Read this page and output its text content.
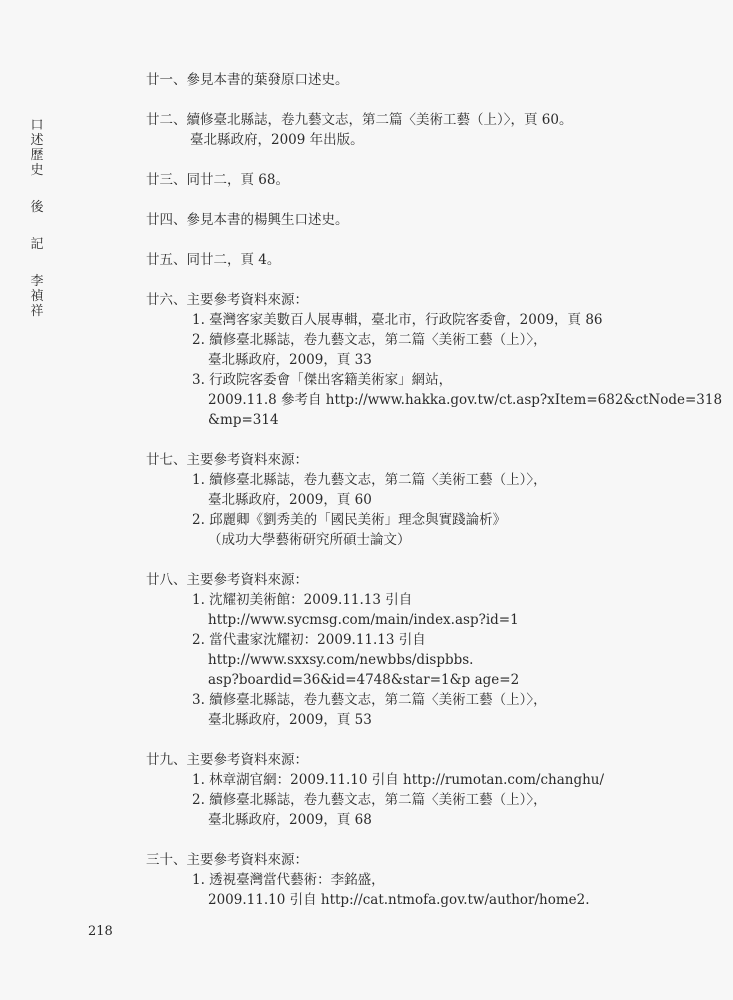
口
述
歷
史
後
記
李
禎
祥
廿一、參見本書的葉發原口述史。
廿二、續修臺北縣誌，卷九藝文志，第二篇〈美術工藝（上）〉，頁 60。
臺北縣政府，2009 年出版。
廿三、同廿二，頁 68。
廿四、參見本書的楊興生口述史。
廿五、同廿二，頁 4。
廿六、主要參考資料來源：
1. 臺灣客家美數百人展專輯，臺北市，行政院客委會，2009，頁 86
2. 續修臺北縣誌，卷九藝文志，第二篇〈美術工藝（上）〉，
臺北縣政府，2009，頁 33
3. 行政院客委會「傑出客籍美術家」網站，
2009.11.8 參考自 http://www.hakka.gov.tw/ct.asp?xItem=682&ctNode=318
&mp=314
廿七、主要參考資料來源：
1. 續修臺北縣誌，卷九藝文志，第二篇〈美術工藝（上）〉，
臺北縣政府，2009，頁 60
2. 邱麗卿《劉秀美的「國民美術」理念與實踐論析》
（成功大學藝術研究所碩士論文）
廿八、主要參考資料來源：
1. 沈耀初美術館：2009.11.13 引自
http://www.sycmsg.com/main/index.asp?id=1
2. 當代畫家沈耀初：2009.11.13 引自
http://www.sxxsy.com/newbbs/dispbbs.
asp?boardid=36&id=4748&star=1&p age=2
3. 續修臺北縣誌，卷九藝文志，第二篇〈美術工藝（上）〉，
臺北縣政府，2009，頁 53
廿九、主要參考資料來源：
1. 林章湖官網：2009.11.10 引自 http://rumotan.com/changhu/
2. 續修臺北縣誌，卷九藝文志，第二篇〈美術工藝（上）〉，
臺北縣政府，2009，頁 68
三十、主要參考資料來源：
1. 透視臺灣當代藝術：李銘盛，
2009.11.10 引自 http://cat.ntmofa.gov.tw/author/home2.
218
